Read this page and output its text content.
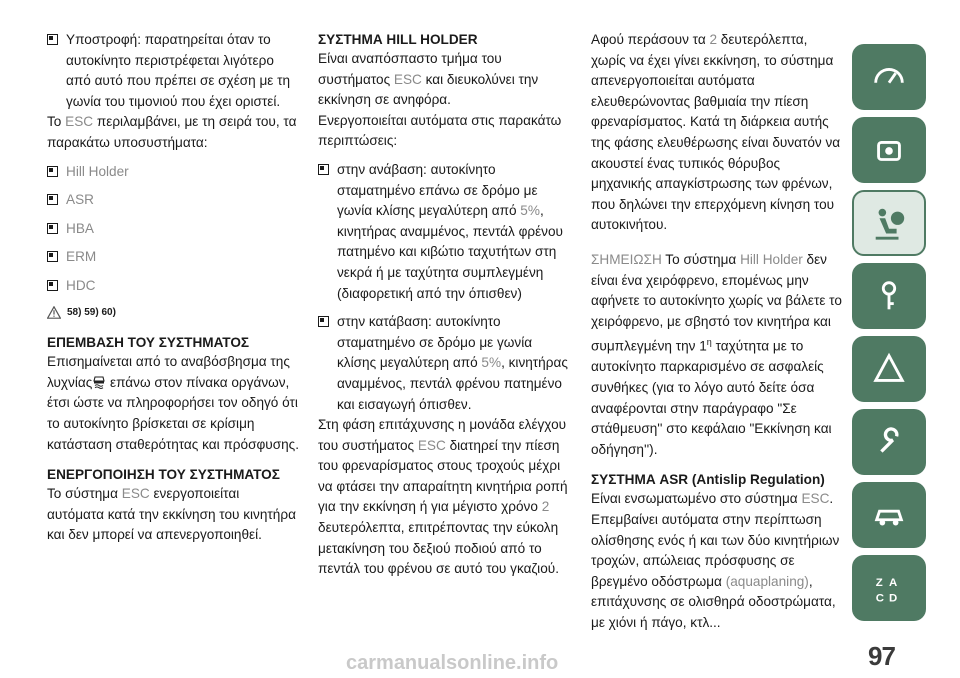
Υποστροφή: παρατηρείται όταν το αυτοκίνητο περιστρέφεται λιγότερο από αυτό που πρέπει σε σχέση με τη γωνία του τιμονιού που έχει οριστεί.

Το ESC περιλαμβάνει, με τη σειρά του, τα παρακάτω υποσυστήματα:

Hill Holder
ASR
HBA
ERM
HDC
58) 59) 60)

ΕΠΕΜΒΑΣΗ ΤΟΥ ΣΥΣΤΗΜΑΤΟΣ

Επισημαίνεται από το αναβόσβησμα της λυχνίας επάνω στον πίνακα οργάνων, έτσι ώστε να πληροφορήσει τον οδηγό ότι το αυτοκίνητο βρίσκεται σε κρίσιμη κατάσταση σταθερότητας και πρόσφυσης.

ΕΝΕΡΓΟΠΟΙΗΣΗ ΤΟΥ ΣΥΣΤΗΜΑΤΟΣ

Το σύστημα ESC ενεργοποιείται αυτόματα κατά την εκκίνηση του κινητήρα και δεν μπορεί να απενεργοποιηθεί.

ΣΥΣΤΗΜΑ HILL HOLDER

Είναι αναπόσπαστο τμήμα του συστήματος ESC και διευκολύνει την εκκίνηση σε ανηφόρα.

Ενεργοποιείται αυτόματα στις παρακάτω περιπτώσεις:

στην ανάβαση: αυτοκίνητο σταματημένο επάνω σε δρόμο με γωνία κλίσης μεγαλύτερη από 5%, κινητήρας αναμμένος, πεντάλ φρένου πατημένο και κιβώτιο ταχυτήτων στη νεκρά ή με ταχύτητα συμπλεγμένη (διαφορετική από την όπισθεν)
στην κατάβαση: αυτοκίνητο σταματημένο σε δρόμο με γωνία κλίσης μεγαλύτερη από 5%, κινητήρας αναμμένος, πεντάλ φρένου πατημένο και εισαγωγή όπισθεν.

Στη φάση επιτάχυνσης η μονάδα ελέγχου του συστήματος ESC διατηρεί την πίεση του φρεναρίσματος στους τροχούς μέχρι να φτάσει την απαραίτητη κινητήρια ροπή για την εκκίνηση ή για μέγιστο χρόνο 2 δευτερόλεπτα, επιτρέποντας την εύκολη μετακίνηση του δεξιού ποδιού από το πεντάλ του φρένου σε αυτό του γκαζιού.

Αφού περάσουν τα 2 δευτερόλεπτα, χωρίς να έχει γίνει εκκίνηση, το σύστημα απενεργοποιείται αυτόματα ελευθερώνοντας βαθμιαία την πίεση φρεναρίσματος. Κατά τη διάρκεια αυτής της φάσης ελευθέρωσης είναι δυνατόν να ακουστεί ένας τυπικός θόρυβος μηχανικής απαγκίστρωσης των φρένων, που δηλώνει την επερχόμενη κίνηση του αυτοκινήτου.

ΣΗΜΕΙΩΣΗ Το σύστημα Hill Holder δεν είναι ένα χειρόφρενο, επομένως μην αφήνετε το αυτοκίνητο χωρίς να βάλετε το χειρόφρενο, με σβηστό τον κινητήρα και συμπλεγμένη την $1^\eta$ ταχύτητα με το αυτοκίνητο παρκαρισμένο σε ασφαλείς συνθήκες (για το λόγο αυτό δείτε όσα αναφέρονται στην παράγραφο "Σε στάθμευση'' στο κεφάλαιο "Εκκίνηση και οδήγηση'').

ΣΥΣΤΗΜΑ ASR (Antislip Regulation)

Είναι ενσωματωμένο στο σύστημα ESC. Επεμβαίνει αυτόματα στην περίπτωση ολίσθησης ενός ή και των δύο κινητήριων τροχών, απώλειας πρόσφυσης σε βρεγμένο οδόστρωμα (aquaplaning), επιτάχυνσης σε ολισθηρά οδοστρώματα, με χιόνι ή πάγο, κτλ...

Z A
C D
97
carmanualsonline.info
